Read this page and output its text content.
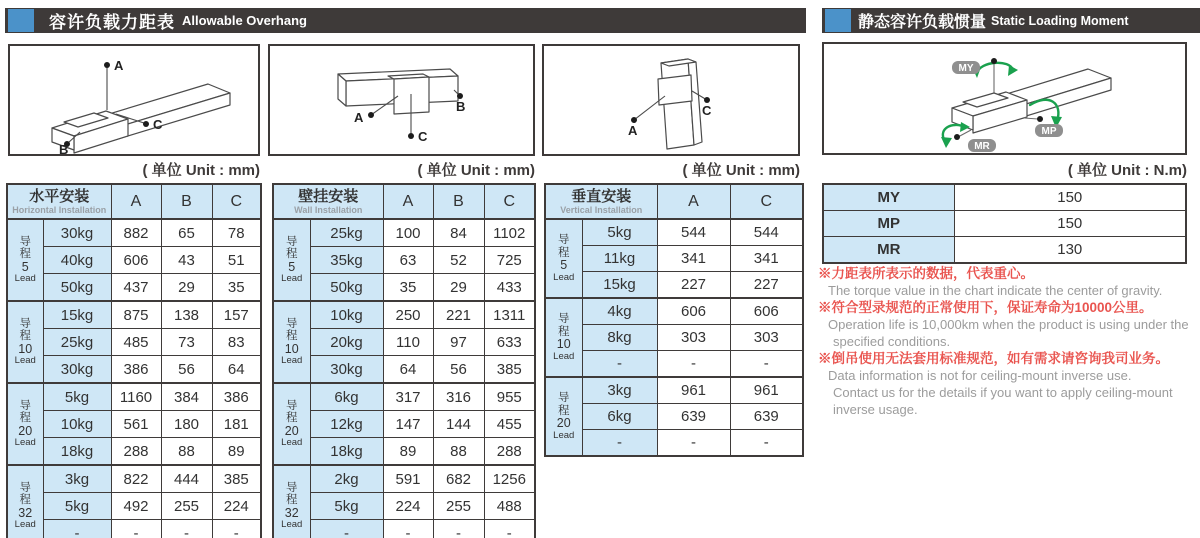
容许负载力距表 Allowable Overhang	静态容许负载惯量 Static Loading Moment
A
C
B
A
C
B
A
C
MY
MP
MR
( 单位 Unit : mm)	( 单位 Unit : mm)	( 单位 Unit : mm)	( 单位 Unit : N.m)
水平安装
Horizontal Installation		A	B	C

导
程
5
Lead	30kg	882	65	78
	40kg	606	43	51
	50kg	437	29	35

导
程
10
Lead	15kg	875	138	157
	25kg	485	73	83
	30kg	386	56	64

导
程
20
Lead	5kg	1160	384	386
	10kg	561	180	181
	18kg	288	88	89

导
程
32
Lead	3kg	822	444	385
	5kg	492	255	224
	-	-	-	-
壁挂安装
Wall Installation		A	B	C

导
程
5
Lead	25kg	100	84	1102
	35kg	63	52	725
	50kg	35	29	433

导
程
10
Lead	10kg	250	221	1311
	20kg	110	97	633
	30kg	64	56	385

导
程
20
Lead	6kg	317	316	955
	12kg	147	144	455
	18kg	89	88	288

导
程
32
Lead	2kg	591	682	1256
	5kg	224	255	488
	-	-	-	-
垂直安装
Vertical Installation		A	C

导
程
5
Lead	5kg	544	544
	11kg	341	341
	15kg	227	227

导
程
10
Lead	4kg	606	606
	8kg	303	303
	-	-	-

导
程
20
Lead	3kg	961	961
	6kg	639	639
	-	-	-
MY	150
MP	150
MR	130
※力距表所表示的数据，代表重心。
The torque value in the chart indicate the center of gravity.
※符合型录规范的正常使用下，保证寿命为10000公里。
Operation life is 10,000km when the product is using under the
specified conditions.
※倒吊使用无法套用标准规范，如有需求请咨询我司业务。
Data information is not for ceiling-mount inverse use.
Contact us for the details if you want to apply ceiling-mount
inverse usage.
